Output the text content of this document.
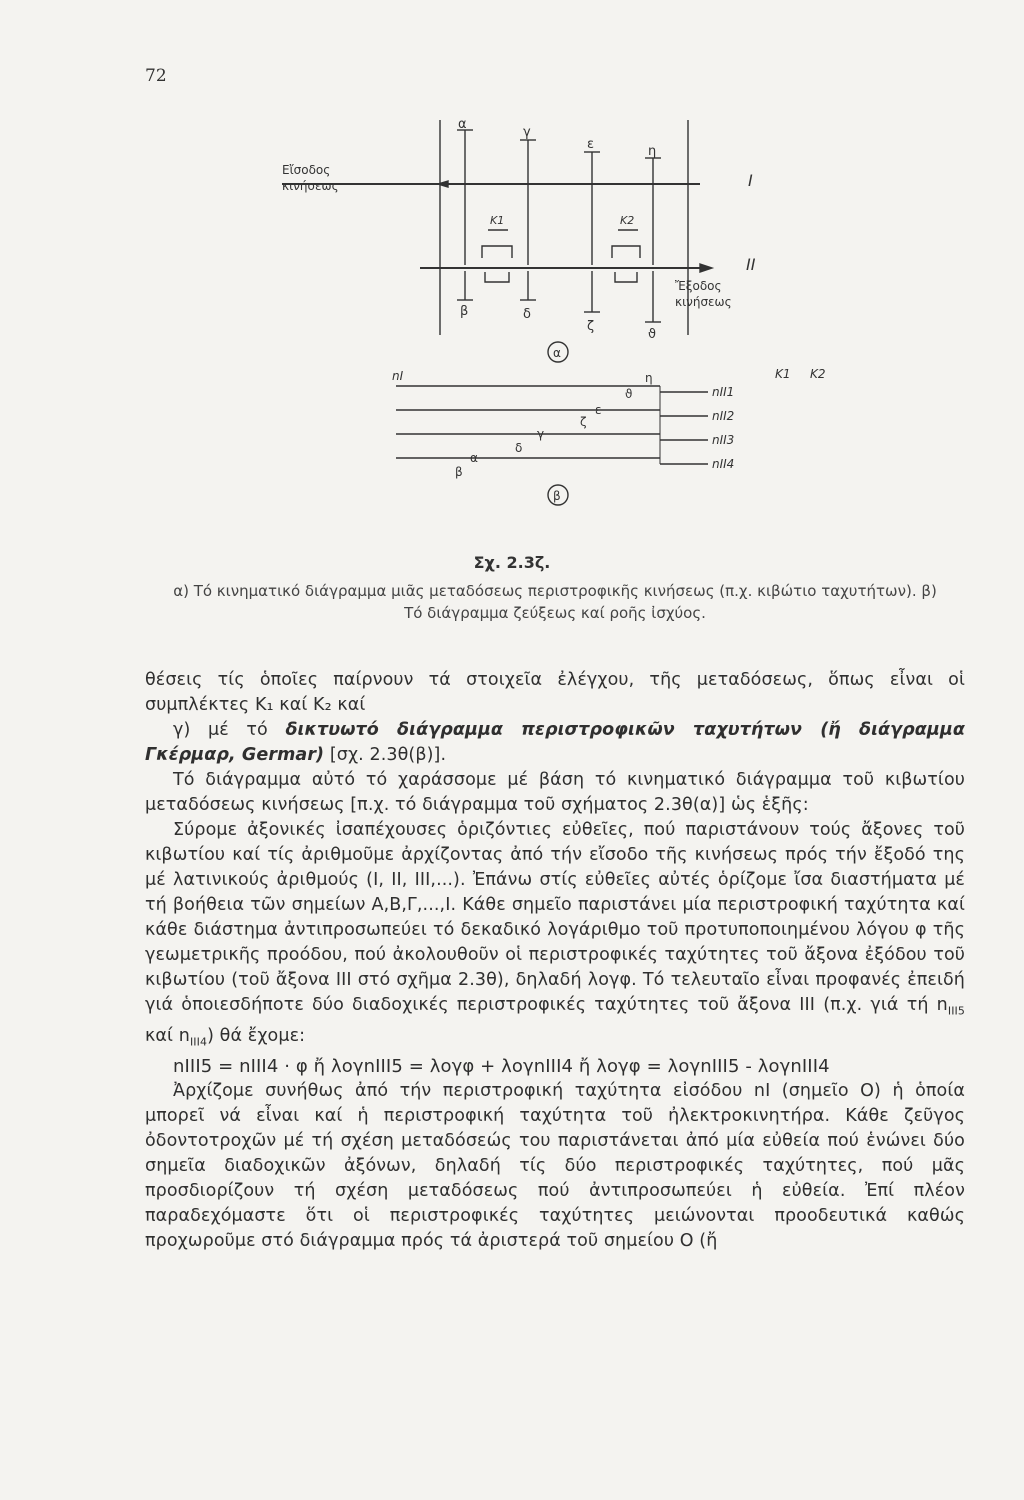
72
Εἴσοδος
κινήσεως
Ἔξοδος
κινήσεως
I
II
α
γ
ε	η
β	δ
ζ
ϑ
K1	K2
α
β
nI	η
ϑ
ε
ζ
γ
δ
α
β
nII1
nII2
nII3
nII4
K1 K2
Σχ. 2.3ζ.
α) Τό κινηματικό διάγραμμα μιᾶς μεταδόσεως περιστροφικῆς κινήσεως (π.χ. κιβώτιο ταχυτήτων). β)
Τό διάγραμμα ζεύξεως καί ροῆς ἰσχύος.

θέσεις τίς ὁποῖες παίρνουν τά στοιχεῖα ἐλέγχου, τῆς μεταδόσεως, ὅπως εἶναι οἱ συμπλέκτες K₁ καί K₂ καί

γ) μέ τό δικτυωτό διάγραμμα περιστροφικῶν ταχυτήτων (ἤ διάγραμμα Γκέρμαρ, Germar) [σχ. 2.3θ(β)].

Τό διάγραμμα αὐτό τό χαράσσομε μέ βάση τό κινηματικό διάγραμμα τοῦ κιβωτίου μεταδόσεως κινήσεως [π.χ. τό διάγραμμα τοῦ σχήματος 2.3θ(α)] ὡς ἑξῆς:

Σύρομε ἀξονικές ἰσαπέχουσες ὁριζόντιες εὐθεῖες, πού παριστάνουν τούς ἄξονες τοῦ κιβωτίου καί τίς ἀριθμοῦμε ἀρχίζοντας ἀπό τήν εἴσοδο τῆς κινήσεως πρός τήν ἔξοδό της μέ λατινικούς ἀριθμούς (I, II, III,...). Ἐπάνω στίς εὐθεῖες αὐτές ὁρίζομε ἴσα διαστήματα μέ τή βοήθεια τῶν σημείων A,B,Γ,...,I. Κάθε σημεῖο παριστάνει μία περιστροφική ταχύτητα καί κάθε διάστημα ἀντιπροσωπεύει τό δεκαδικό λογάριθμο τοῦ προτυποποιημένου λόγου φ τῆς γεωμετρικῆς προόδου, πού ἀκολουθοῦν οἱ περιστροφικές ταχύτητες τοῦ ἄξονα ἐξόδου τοῦ κιβωτίου (τοῦ ἄξονα III στό σχῆμα 2.3θ), δηλαδή λογφ. Τό τελευταῖο εἶναι προφανές ἐπειδή γιά ὁποιεσδήποτε δύο διαδοχικές περιστροφικές ταχύτητες τοῦ ἄξονα III (π.χ. γιά τή $n_{III5}$ καί $n_{III4}$) θά ἔχομε:

nIII5 = nIII4 · φ ἤ λογnIII5 = λογφ + λογnIII4 ἤ λογφ = λογnIII5 - λογnIII4

Ἀρχίζομε συνήθως ἀπό τήν περιστροφική ταχύτητα εἰσόδου nI (σημεῖο O) ἡ ὁποία μπορεῖ νά εἶναι καί ἡ περιστροφική ταχύτητα τοῦ ἠλεκτροκινητήρα. Κάθε ζεῦγος ὀδοντοτροχῶν μέ τή σχέση μεταδόσεώς του παριστάνεται ἀπό μία εὐθεία πού ἑνώνει δύο σημεῖα διαδοχικῶν ἀξόνων, δηλαδή τίς δύο περιστροφικές ταχύτητες, πού μᾶς προσδιορίζουν τή σχέση μεταδόσεως πού ἀντιπροσωπεύει ἡ εὐθεία. Ἐπί πλέον παραδεχόμαστε ὅτι οἱ περιστροφικές ταχύτητες μειώνονται προοδευτικά καθώς προχωροῦμε στό διάγραμμα πρός τά ἀριστερά τοῦ σημείου O (ἤ
